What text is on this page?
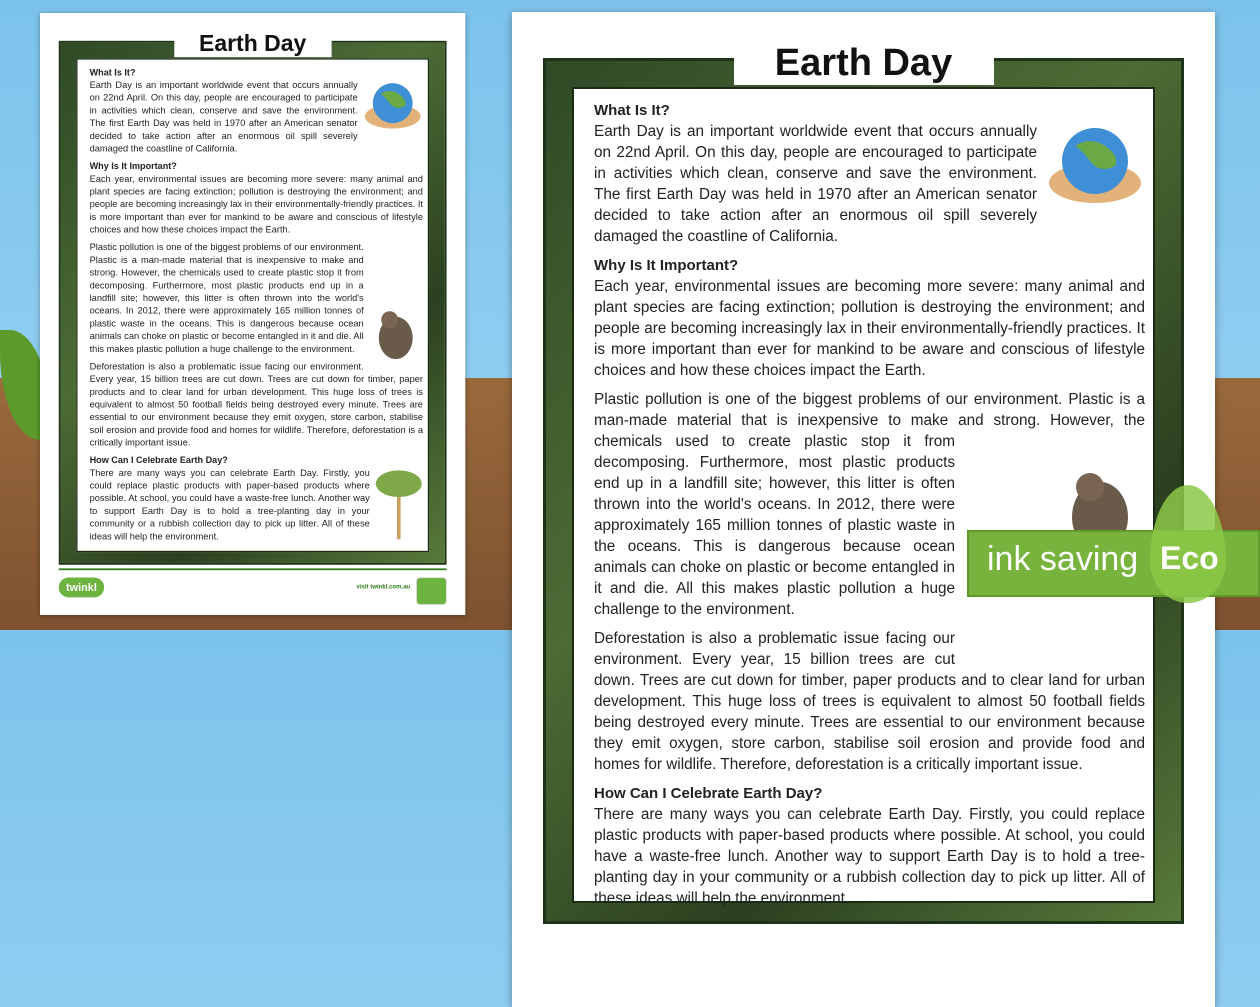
Earth Day
What Is It?

Earth Day is an important worldwide event that occurs annually on 22nd April. On this day, people are encouraged to participate in activities which clean, conserve and save the environment. The first Earth Day was held in 1970 after an American senator decided to take action after an enormous oil spill severely damaged the coastline of California.

Why Is It Important?

Each year, environmental issues are becoming more severe: many animal and plant species are facing extinction; pollution is destroying the environment; and people are becoming increasingly lax in their environmentally-friendly practices. It is more important than ever for mankind to be aware and conscious of lifestyle choices and how these choices impact the Earth.

Plastic pollution is one of the biggest problems of our environment. Plastic is a man-made material that is inexpensive to make and strong. However, the chemicals used to create plastic stop it from decomposing. Furthermore, most plastic products end up in a landfill site; however, this litter is often thrown into the world's oceans. In 2012, there were approximately 165 million tonnes of plastic waste in the oceans. This is dangerous because ocean animals can choke on plastic or become entangled in it and die. All this makes plastic pollution a huge challenge to the environment.

Deforestation is also a problematic issue facing our environment. Every year, 15 billion trees are cut down. Trees are cut down for timber, paper products and to clear land for urban development. This huge loss of trees is equivalent to almost 50 football fields being destroyed every minute. Trees are essential to our environment because they emit oxygen, store carbon, stabilise soil erosion and provide food and homes for wildlife. Therefore, deforestation is a critically important issue.

How Can I Celebrate Earth Day?

There are many ways you can celebrate Earth Day. Firstly, you could replace plastic products with paper-based products where possible. At school, you could have a waste-free lunch. Another way to support Earth Day is to hold a tree-planting day in your community or a rubbish collection day to pick up litter. All of these ideas will help the environment.

twinkl	visit twinkl.com.au
Earth Day
What Is It?

Earth Day is an important worldwide event that occurs annually on 22nd April. On this day, people are encouraged to participate in activities which clean, conserve and save the environment. The first Earth Day was held in 1970 after an American senator decided to take action after an enormous oil spill severely damaged the coastline of California.

Why Is It Important?

Each year, environmental issues are becoming more severe: many animal and plant species are facing extinction; pollution is destroying the environment; and people are becoming increasingly lax in their environmentally-friendly practices. It is more important than ever for mankind to be aware and conscious of lifestyle choices and how these choices impact the Earth.

Plastic pollution is one of the biggest problems of our environment. Plastic is a man-made material that is inexpensive to make and strong. However, the chemicals used to create plastic stop it from decomposing. Furthermore, most plastic products end up in a landfill site; however, this litter is often thrown into the world's oceans. In 2012, there were approximately 165 million tonnes of plastic waste in the oceans. This is dangerous because ocean animals can choke on plastic or become entangled in it and die. All this makes plastic pollution a huge challenge to the environment.

Deforestation is also a problematic issue facing our environment. Every year, 15 billion trees are cut down. Trees are cut down for timber, paper products and to clear land for urban development. This huge loss of trees is equivalent to almost 50 football fields being destroyed every minute. Trees are essential to our environment because they emit oxygen, store carbon, stabilise soil erosion and provide food and homes for wildlife. Therefore, deforestation is a critically important issue.

How Can I Celebrate Earth Day?

There are many ways you can celebrate Earth Day. Firstly, you could replace plastic products with paper-based products where possible. At school, you could have a waste-free lunch. Another way to support Earth Day is to hold a tree-planting day in your community or a rubbish collection day to pick up litter. All of these ideas will help the environment.

ink saving Eco
